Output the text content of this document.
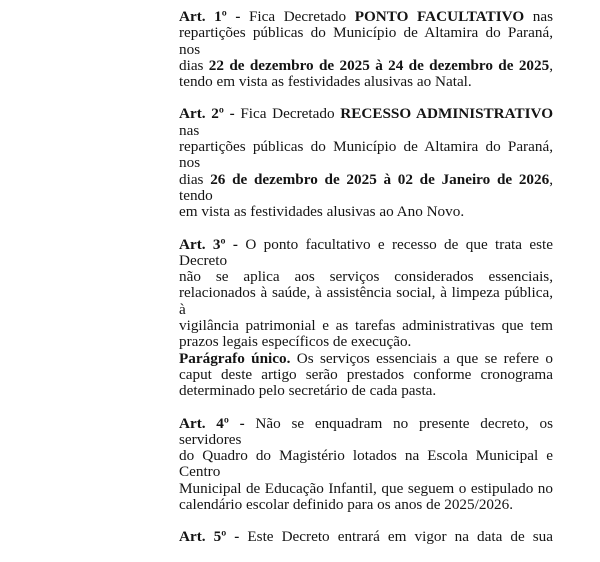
Art. 1º - Fica Decretado PONTO FACULTATIVO nas
repartições públicas do Município de Altamira do Paraná, nos
dias 22 de dezembro de 2025 à 24 de dezembro de 2025,
tendo em vista as festividades alusivas ao Natal.
Art. 2º - Fica Decretado RECESSO ADMINISTRATIVO nas
repartições públicas do Município de Altamira do Paraná, nos
dias 26 de dezembro de 2025 à 02 de Janeiro de 2026, tendo
em vista as festividades alusivas ao Ano Novo.
Art. 3º - O ponto facultativo e recesso de que trata este Decreto
não se aplica aos serviços considerados essenciais,
relacionados à saúde, à assistência social, à limpeza pública, à
vigilância patrimonial e as tarefas administrativas que tem
prazos legais específicos de execução.
Parágrafo único. Os serviços essenciais a que se refere o
caput deste artigo serão prestados conforme cronograma
determinado pelo secretário de cada pasta.
Art. 4º - Não se enquadram no presente decreto, os servidores
do Quadro do Magistério lotados na Escola Municipal e Centro
Municipal de Educação Infantil, que seguem o estipulado no
calendário escolar definido para os anos de 2025/2026.
Art. 5º - Este Decreto entrará em vigor na data de sua
